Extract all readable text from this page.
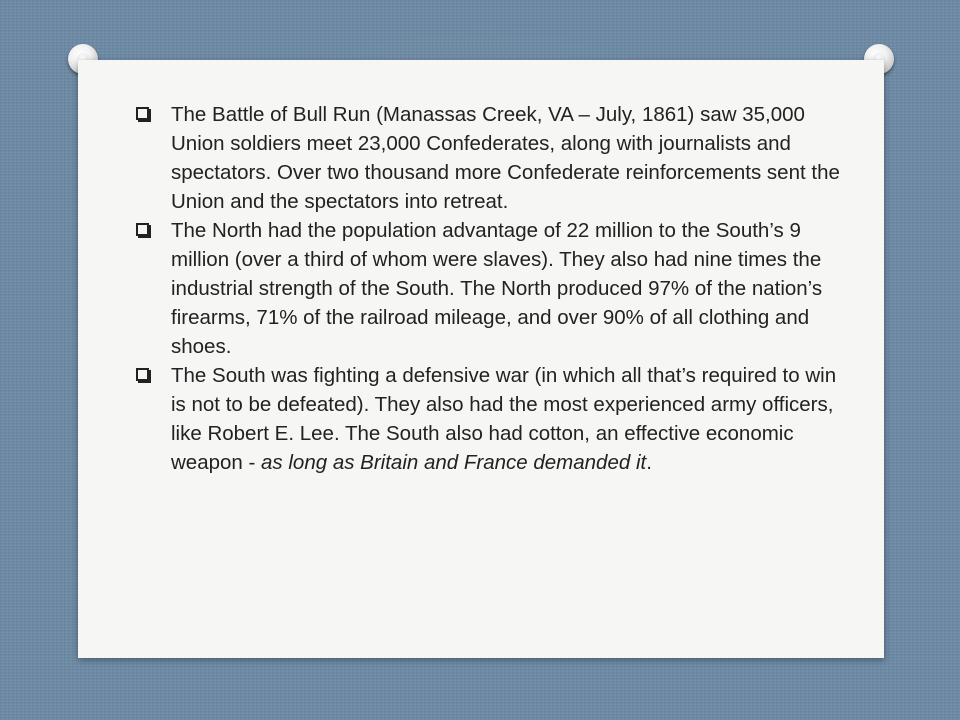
The Battle of Bull Run (Manassas Creek, VA – July, 1861) saw 35,000 Union soldiers meet 23,000 Confederates, along with journalists and spectators. Over two thousand more Confederate reinforcements sent the Union and the spectators into retreat.
The North had the population advantage of 22 million to the South’s 9 million (over a third of whom were slaves). They also had nine times the industrial strength of the South. The North produced 97% of the nation’s firearms, 71% of the railroad mileage, and over 90% of all clothing and shoes.
The South was fighting a defensive war (in which all that’s required to win is not to be defeated). They also had the most experienced army officers, like Robert E. Lee. The South also had cotton, an effective economic weapon - as long as Britain and France demanded it.
